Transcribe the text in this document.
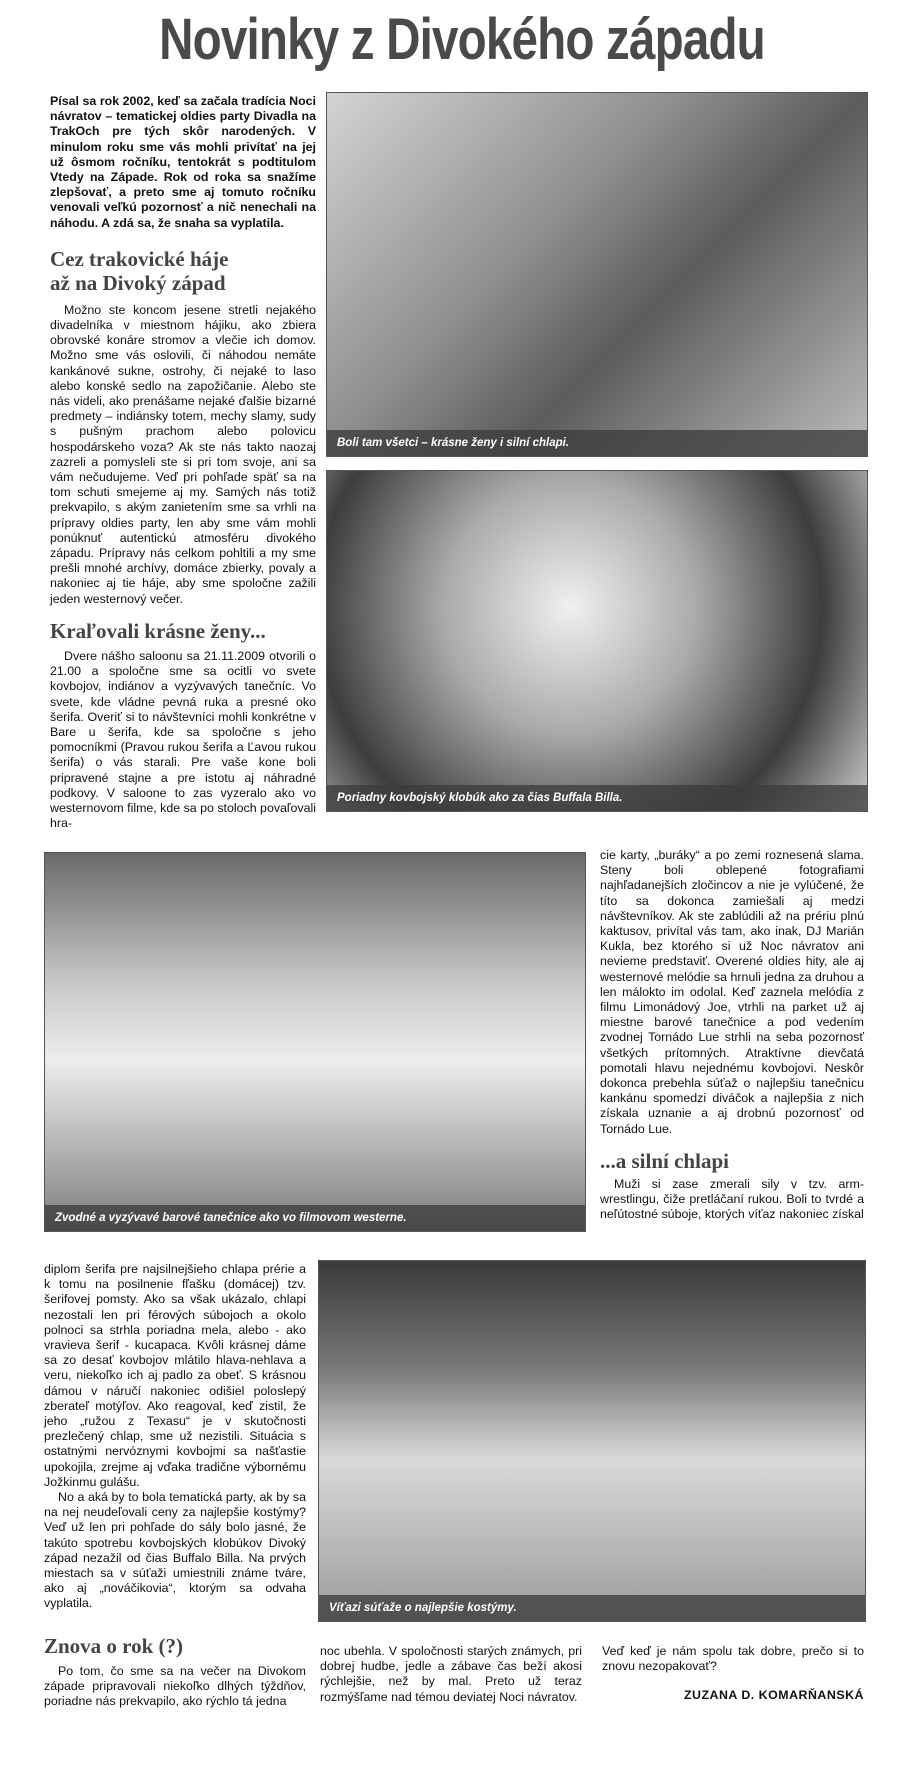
Novinky z Divokého západu

Písal sa rok 2002, keď sa začala tradícia Noci návratov – tematickej oldies party Divadla na TrakOch pre tých skôr narodených. V minulom roku sme vás mohli privítať na jej už ôsmom ročníku, tentokrát s podtitulom Vtedy na Západe. Rok od roka sa snažíme zlepšovať, a preto sme aj tomuto ročníku venovali veľkú pozornosť a nič nenechali na náhodu. A zdá sa, že snaha sa vyplatila.

Cez trakovické háje

až na Divoký západ

Možno ste koncom jesene stretli nejakého divadelníka v miestnom hájiku, ako zbiera obrovské konáre stromov a vlečie ich domov. Možno sme vás oslovili, či náhodou nemáte kankánové sukne, ostrohy, či nejaké to laso alebo konské sedlo na zapožičanie. Alebo ste nás videli, ako prenášame nejaké ďalšie bizarné predmety – indiánsky totem, mechy slamy, sudy s pušným prachom alebo polovicu hospodárskeho voza? Ak ste nás takto naozaj zazreli a pomysleli ste si pri tom svoje, ani sa vám nečudujeme. Veď pri pohľade späť sa na tom schuti smejeme aj my. Samých nás totiž prekvapilo, s akým zanietením sme sa vrhli na prípravy oldies party, len aby sme vám mohli ponúknuť autentickú atmosféru divokého západu. Prípravy nás celkom pohltili a my sme prešli mnohé archívy, domáce zbierky, povaly a nakoniec aj tie háje, aby sme spoločne zažili jeden westernový večer.

Kraľovali krásne ženy...

Dvere nášho saloonu sa 21.11.2009 otvorili o 21.00 a spoločne sme sa ocitli vo svete kovbojov, indiánov a vyzývavých tanečníc. Vo svete, kde vládne pevná ruka a presné oko šerifa. Overiť si to návštevníci mohli konkrétne v Bare u šerifa, kde sa spoločne s jeho pomocníkmi (Pravou rukou šerifa a Ľavou rukou šerifa) o vás starali. Pre vaše kone boli pripravené stajne a pre istotu aj náhradné podkovy. V saloone to zas vyzeralo ako vo westernovom filme, kde sa po stoloch povaľovali hra-

Boli tam všetci – krásne ženy i silní chlapi.
Poriadny kovbojský klobúk ako za čias Buffala Billa.
Zvodné a vyzývavé barové tanečnice ako vo filmovom westerne.

cie karty, „buráky“ a po zemi roznesená slama. Steny boli oblepené fotografiami najhľadanejších zločincov a nie je vylúčené, že títo sa dokonca zamiešali aj medzi návštevníkov. Ak ste zablúdili až na prériu plnú kaktusov, privítal vás tam, ako inak, DJ Marián Kukla, bez ktorého si už Noc návratov ani nevieme predstaviť. Overené oldies hity, ale aj westernové melódie sa hrnuli jedna za druhou a len málokto im odolal. Keď zaznela melódia z filmu Limonádový Joe, vtrhli na parket už aj miestne barové tanečnice a pod vedením zvodnej Tornádo Lue strhli na seba pozornosť všetkých prítomných. Atraktívne dievčatá pomotali hlavu nejednému kovbojovi. Neskôr dokonca prebehla súťaž o najlepšiu tanečnicu kankánu spomedzi diváčok a najlepšia z nich získala uznanie a aj drobnú pozornosť od Tornádo Lue.

...a silní chlapi

Muži si zase zmerali sily v tzv. arm-wrestlingu, čiže pretláčaní rukou. Boli to tvrdé a neľútostné súboje, ktorých víťaz nakoniec získal

diplom šerifa pre najsilnejšieho chlapa prérie a k tomu na posilnenie fľašku (domácej) tzv. šerifovej pomsty. Ako sa však ukázalo, chlapi nezostali len pri férových súbojoch a okolo polnoci sa strhla poriadna mela, alebo - ako vravieva šerif - kucapaca. Kvôli krásnej dáme sa zo desať kovbojov mlátilo hlava-nehlava a veru, niekoľko ich aj padlo za obeť. S krásnou dámou v náručí nakoniec odišiel poloslepý zberateľ motýľov. Ako reagoval, keď zistil, že jeho „ružou z Texasu“ je v skutočnosti prezlečený chlap, sme už nezistili. Situácia s ostatnými nervóznymi kovbojmi sa našťastie upokojila, zrejme aj vďaka tradične výbornému Jožkinmu gulášu.

No a aká by to bola tematická party, ak by sa na nej neudeľovali ceny za najlepšie kostýmy? Veď už len pri pohľade do sály bolo jasné, že takúto spotrebu kovbojských klobúkov Divoký západ nezažil od čias Buffalo Billa. Na prvých miestach sa v súťaži umiestnili známe tváre, ako aj „nováčikovia“, ktorým sa odvaha vyplatila.	Víťazi súťaže o najlepšie kostýmy.

Znova o rok (?)

Po tom, čo sme sa na večer na Divokom západe pripravovali niekoľko dlhých týždňov, poriadne nás prekvapilo, ako rýchlo tá jedna

noc ubehla. V spoločnosti starých známych, pri dobrej hudbe, jedle a zábave čas beží akosi rýchlejšie, než by mal. Preto už teraz rozmýšľame nad témou deviatej Noci návratov.

Veď keď je nám spolu tak dobre, prečo si to znovu nezopakovať?

ZUZANA D. KOMARŇANSKÁ
